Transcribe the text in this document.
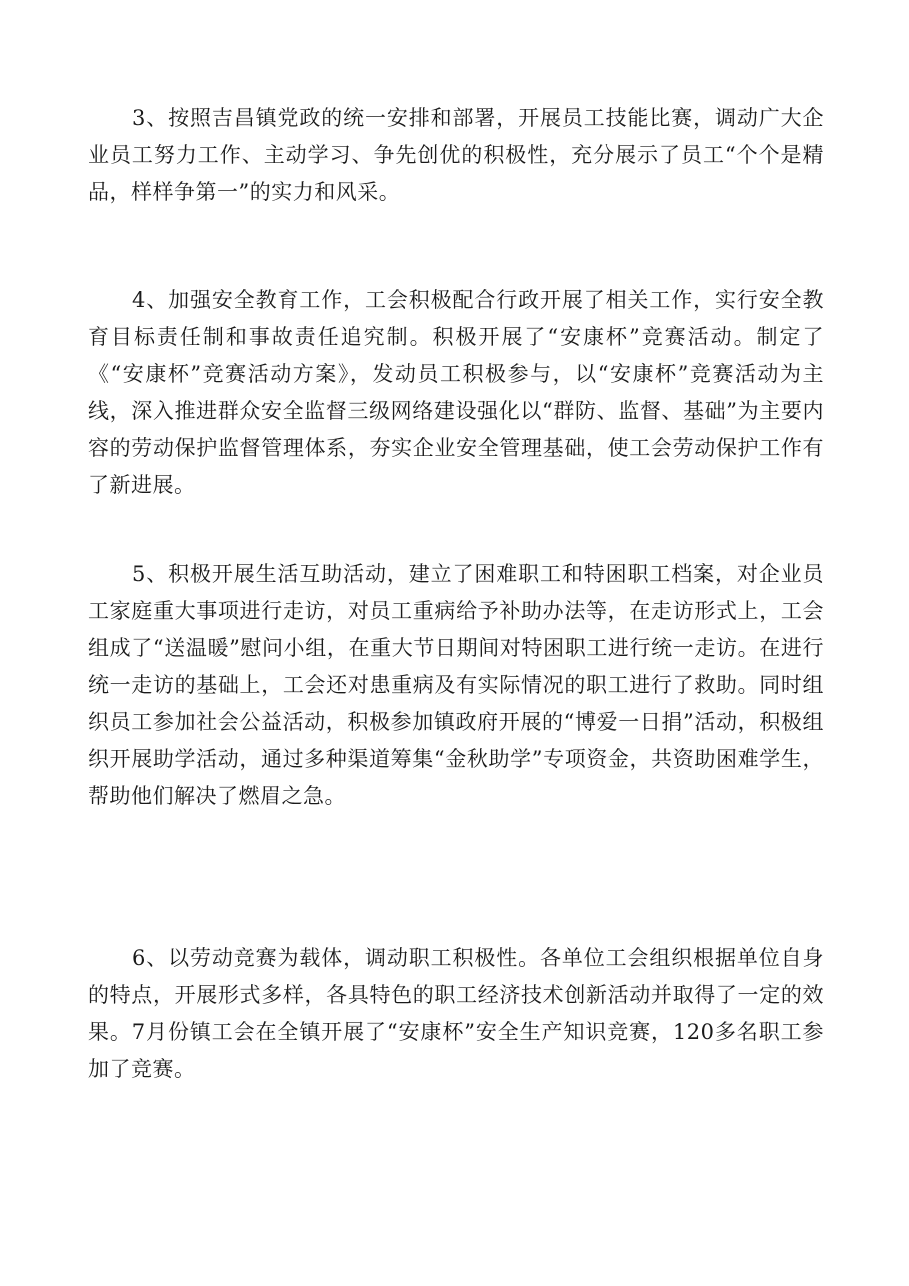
3、按照吉昌镇党政的统一安排和部署，开展员工技能比赛，调动广大企业员工努力工作、主动学习、争先创优的积极性，充分展示了员工“个个是精品，样样争第一”的实力和风采。

4、加强安全教育工作，工会积极配合行政开展了相关工作，实行安全教育目标责任制和事故责任追究制。积极开展了“安康杯”竞赛活动。制定了《“安康杯”竞赛活动方案》，发动员工积极参与，以“安康杯”竞赛活动为主线，深入推进群众安全监督三级网络建设强化以“群防、监督、基础”为主要内容的劳动保护监督管理体系，夯实企业安全管理基础，使工会劳动保护工作有了新进展。

5、积极开展生活互助活动，建立了困难职工和特困职工档案，对企业员工家庭重大事项进行走访，对员工重病给予补助办法等，在走访形式上，工会组成了“送温暖”慰问小组，在重大节日期间对特困职工进行统一走访。在进行统一走访的基础上，工会还对患重病及有实际情况的职工进行了救助。同时组织员工参加社会公益活动，积极参加镇政府开展的“博爱一日捐”活动，积极组织开展助学活动，通过多种渠道筹集“金秋助学”专项资金，共资助困难学生，帮助他们解决了燃眉之急。

6、以劳动竞赛为载体，调动职工积极性。各单位工会组织根据单位自身的特点，开展形式多样，各具特色的职工经济技术创新活动并取得了一定的效果。7月份镇工会在全镇开展了“安康杯”安全生产知识竞赛，120多名职工参加了竞赛。
